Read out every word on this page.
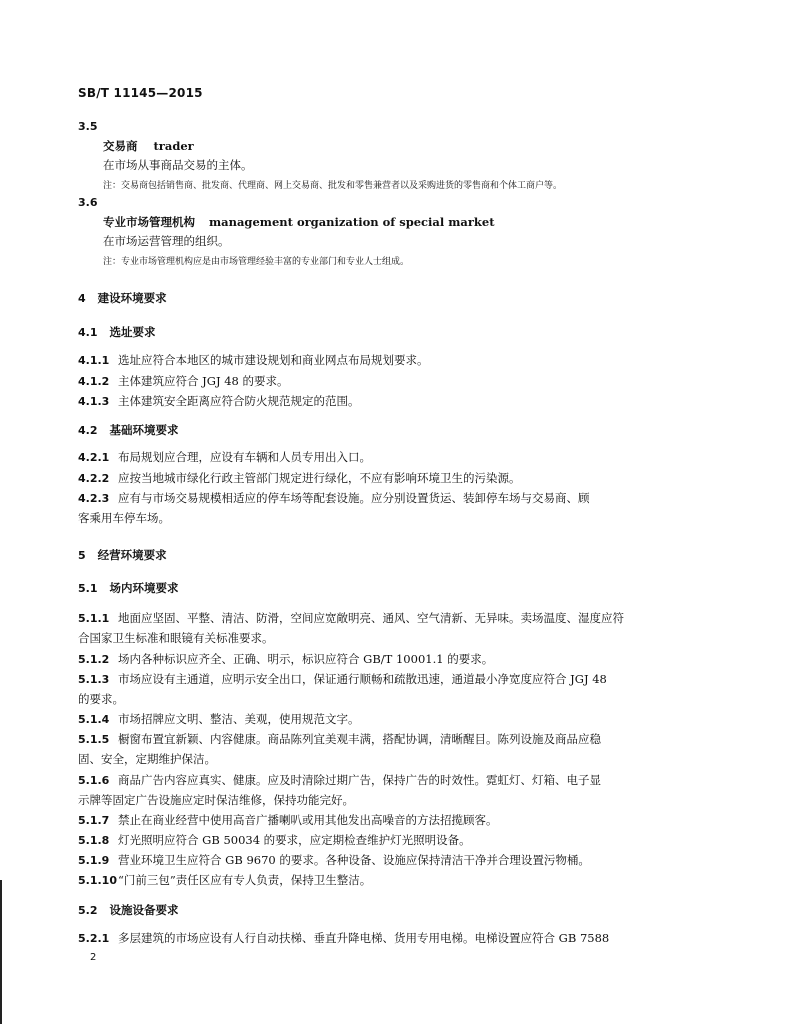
SB/T 11145—2015
3.5
交易商 trader
在市场从事商品交易的主体。
注：交易商包括销售商、批发商、代理商、网上交易商、批发和零售兼营者以及采购进货的零售商和个体工商户等。
3.6
专业市场管理机构 management organization of special market
在市场运营管理的组织。
注：专业市场管理机构应是由市场管理经验丰富的专业部门和专业人士组成。
4 建设环境要求
4.1 选址要求
4.1.1 选址应符合本地区的城市建设规划和商业网点布局规划要求。
4.1.2 主体建筑应符合 JGJ 48 的要求。
4.1.3 主体建筑安全距离应符合防火规范规定的范围。
4.2 基础环境要求
4.2.1 布局规划应合理，应设有车辆和人员专用出入口。
4.2.2 应按当地城市绿化行政主管部门规定进行绿化，不应有影响环境卫生的污染源。
4.2.3 应有与市场交易规模相适应的停车场等配套设施。应分别设置货运、装卸停车场与交易商、顾
客乘用车停车场。
5 经营环境要求
5.1 场内环境要求
5.1.1 地面应坚固、平整、清洁、防滑，空间应宽敞明亮、通风、空气清新、无异味。卖场温度、湿度应符
合国家卫生标准和眼镜有关标准要求。
5.1.2 场内各种标识应齐全、正确、明示，标识应符合 GB/T 10001.1 的要求。
5.1.3 市场应设有主通道，应明示安全出口，保证通行顺畅和疏散迅速，通道最小净宽度应符合 JGJ 48
的要求。
5.1.4 市场招牌应文明、整洁、美观，使用规范文字。
5.1.5 橱窗布置宜新颖、内容健康。商品陈列宜美观丰满，搭配协调，清晰醒目。陈列设施及商品应稳
固、安全，定期维护保洁。
5.1.6 商品广告内容应真实、健康。应及时清除过期广告，保持广告的时效性。霓虹灯、灯箱、电子显
示牌等固定广告设施应定时保洁维修，保持功能完好。
5.1.7 禁止在商业经营中使用高音广播喇叭或用其他发出高噪音的方法招揽顾客。
5.1.8 灯光照明应符合 GB 50034 的要求，应定期检查维护灯光照明设备。
5.1.9 营业环境卫生应符合 GB 9670 的要求。各种设备、设施应保持清洁干净并合理设置污物桶。
5.1.10“门前三包”责任区应有专人负责，保持卫生整洁。
5.2 设施设备要求
5.2.1 多层建筑的市场应设有人行自动扶梯、垂直升降电梯、货用专用电梯。电梯设置应符合 GB 7588
2
